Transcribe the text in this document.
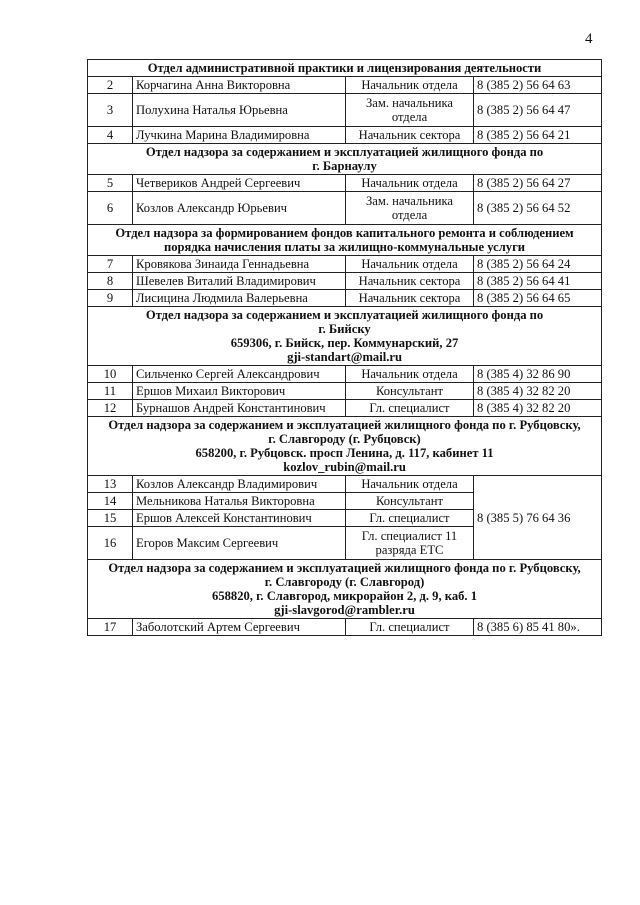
4
Отдел административной практики и лицензирования деятельности			
2	Корчагина Анна Викторовна	Начальник отдела	8 (385 2) 56 64 63
3	Полухина Наталья Юрьевна	Зам. начальника отдела	8 (385 2) 56 64 47
4	Лучкина Марина Владимировна	Начальник сектора	8 (385 2) 56 64 21
Отдел надзора за содержанием и эксплуатацией жилищного фонда по
г. Барнаулу			
5	Четвериков Андрей Сергеевич	Начальник отдела	8 (385 2) 56 64 27
6	Козлов Александр Юрьевич	Зам. начальника отдела	8 (385 2) 56 64 52
Отдел надзора за формированием фондов капитального ремонта и соблюдением
порядка начисления платы за жилищно-коммунальные услуги			
7	Кровякова Зинаида Геннадьевна	Начальник отдела	8 (385 2) 56 64 24
8	Шевелев Виталий Владимирович	Начальник сектора	8 (385 2) 56 64 41
9	Лисицина Людмила Валерьевна	Начальник сектора	8 (385 2) 56 64 65
Отдел надзора за содержанием и эксплуатацией жилищного фонда по
г. Бийску
659306, г. Бийск, пер. Коммунарский, 27
gji-standart@mail.ru			
10	Сильченко Сергей Александрович	Начальник отдела	8 (385 4) 32 86 90
11	Ершов Михаил Викторович	Консультант	8 (385 4) 32 82 20
12	Бурнашов Андрей Константинович	Гл. специалист	8 (385 4) 32 82 20
Отдел надзора за содержанием и эксплуатацией жилищного фонда по г. Рубцовску,
г. Славгороду (г. Рубцовск)
658200, г. Рубцовск. просп Ленина, д. 117, кабинет 11
kozlov_rubin@mail.ru			
13	Козлов Александр Владимирович	Начальник отдела	8 (385 5) 76 64 36
14	Мельникова Наталья Викторовна	Консультант	
15	Ершов Алексей Константинович	Гл. специалист	
16	Егоров Максим Сергеевич	Гл. специалист 11 разряда ЕТС	
Отдел надзора за содержанием и эксплуатацией жилищного фонда по г. Рубцовску,
г. Славгороду (г. Славгород)
658820, г. Славгород, микрорайон 2, д. 9, каб. 1
gji-slavgorod@rambler.ru			
17	Заболотский Артем Сергеевич	Гл. специалист	8 (385 6) 85 41 80».
